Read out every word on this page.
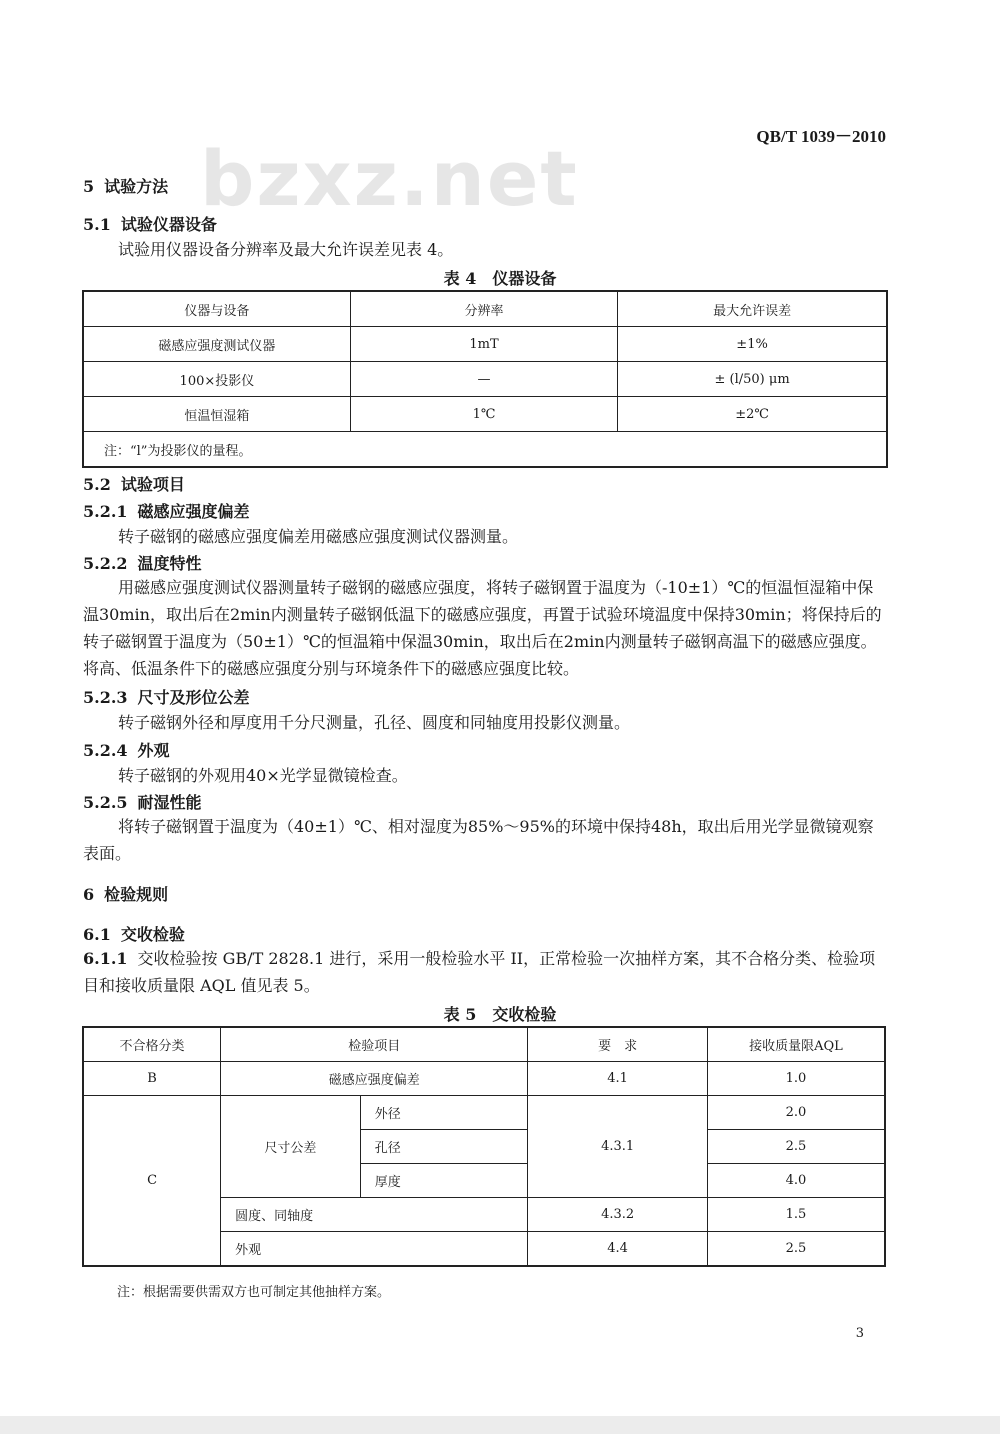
QB/T 1039－2010
bzxz.net
5 试验方法
5.1 试验仪器设备
试验用仪器设备分辨率及最大允许误差见表 4。
表 4　仪器设备
仪器与设备	分辨率	最大允许误差
磁感应强度测试仪器	1mT	±1%
100×投影仪	—	± (l/50) μm
恒温恒湿箱	1℃	±2℃
注：“l”为投影仪的量程。		
5.2 试验项目
5.2.1 磁感应强度偏差
转子磁钢的磁感应强度偏差用磁感应强度测试仪器测量。
5.2.2 温度特性
用磁感应强度测试仪器测量转子磁钢的磁感应强度，将转子磁钢置于温度为（-10±1）℃的恒温恒湿箱中保温30min，取出后在2min内测量转子磁钢低温下的磁感应强度，再置于试验环境温度中保持30min；将保持后的转子磁钢置于温度为（50±1）℃的恒温箱中保温30min，取出后在2min内测量转子磁钢高温下的磁感应强度。将高、低温条件下的磁感应强度分别与环境条件下的磁感应强度比较。
5.2.3 尺寸及形位公差
转子磁钢外径和厚度用千分尺测量，孔径、圆度和同轴度用投影仪测量。
5.2.4 外观
转子磁钢的外观用40×光学显微镜检查。
5.2.5 耐湿性能
将转子磁钢置于温度为（40±1）℃、相对湿度为85%～95%的环境中保持48h，取出后用光学显微镜观察表面。
6 检验规则
6.1 交收检验
6.1.1 交收检验按 GB/T 2828.1 进行，采用一般检验水平 II，正常检验一次抽样方案，其不合格分类、检验项目和接收质量限 AQL 值见表 5。
表 5　交收检验
不合格分类	检验项目		要　求	接收质量限AQL
B	磁感应强度偏差		4.1	1.0
C	尺寸公差	外径	4.3.1	2.0
		孔径		2.5
		厚度		4.0
	圆度、同轴度		4.3.2	1.5
	外观		4.4	2.5
注：根据需要供需双方也可制定其他抽样方案。
3
